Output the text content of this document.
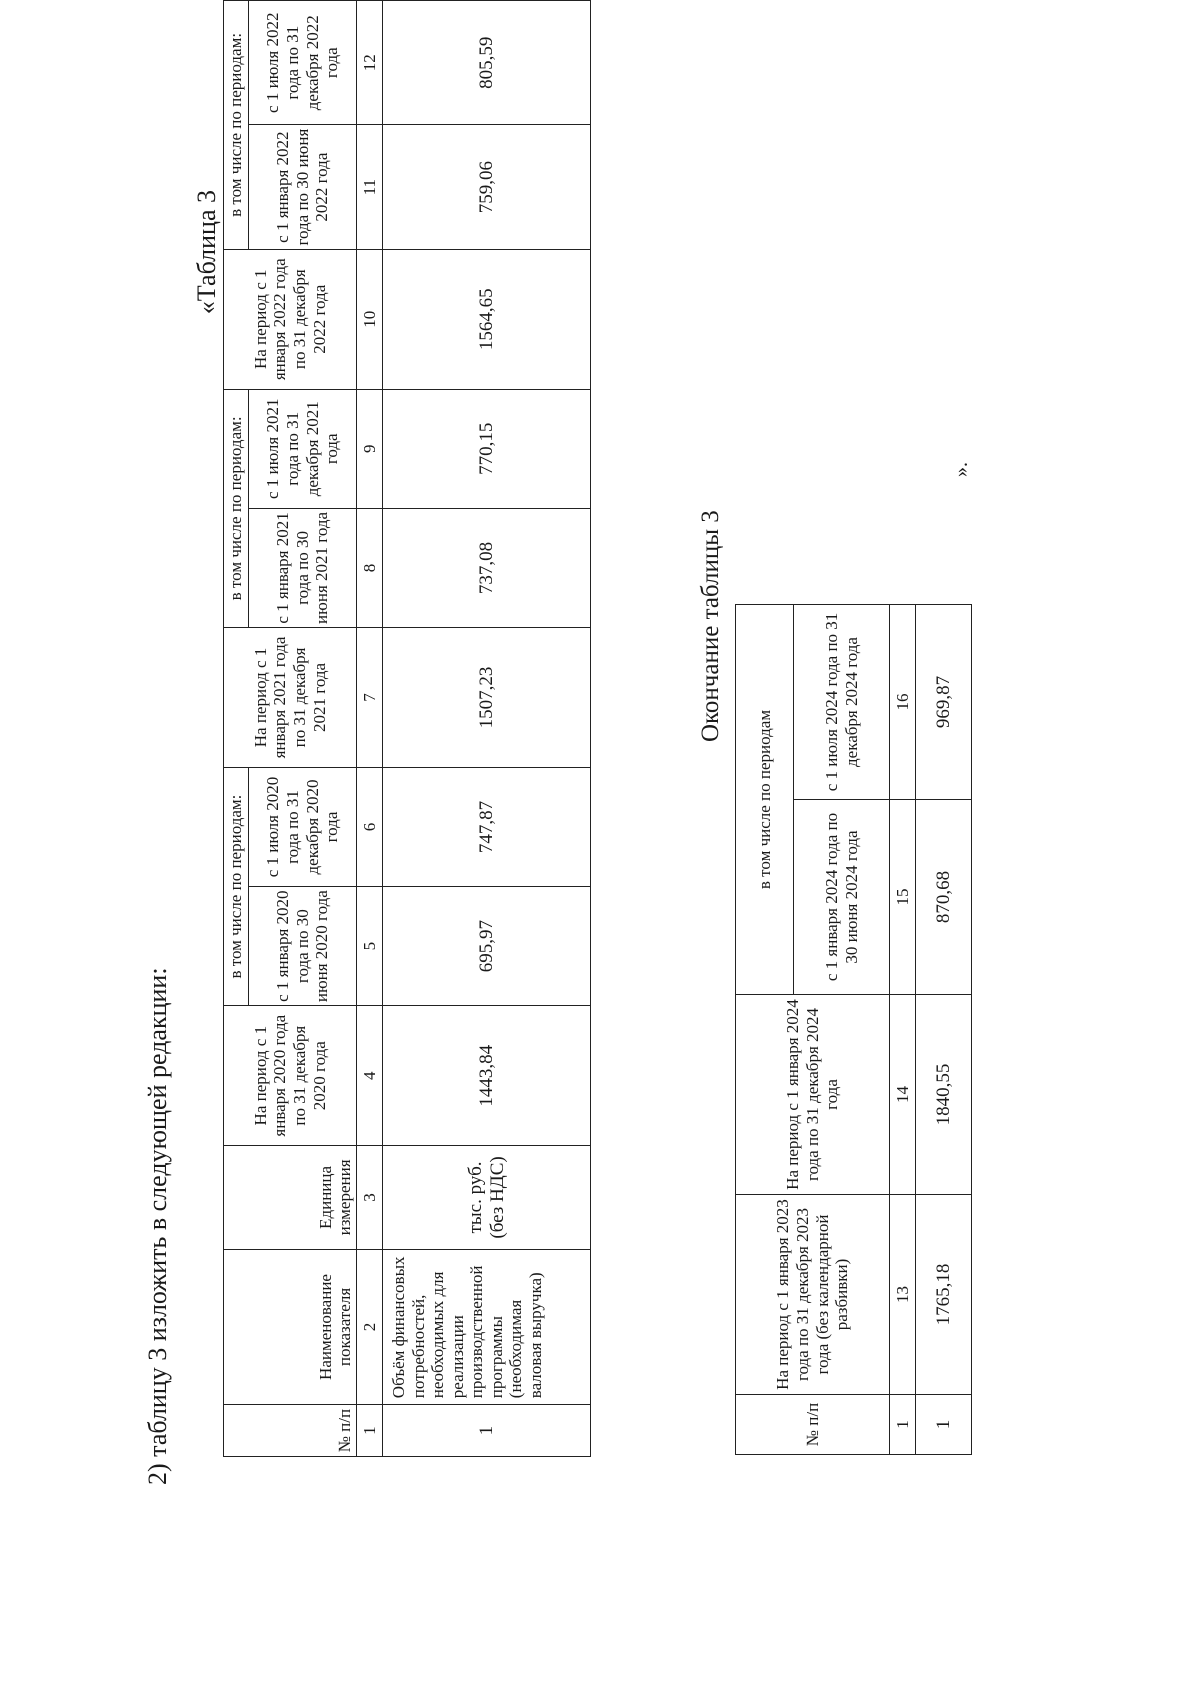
2) таблицу 3 изложить в следующей редакции:
«Таблица 3
№ п/п	Наименование показателя	Единица измерения	На период с 1 января 2020 года по 31 декабря 2020 года	в том числе по периодам:		На период с 1 января 2021 года по 31 декабря 2021 года	в том числе по периодам:		На период с 1 января 2022 года по 31 декабря 2022 года	в том числе по периодам:	
				с 1 января 2020 года по 30 июня 2020 года	с 1 июля 2020 года по 31 декабря 2020 года		с 1 января 2021 года по 30 июня 2021 года	с 1 июля 2021 года по 31 декабря 2021 года		с 1 января 2022 года по 30 июня 2022 года	с 1 июля 2022 года по 31 декабря 2022 года
1	2	3	4	5	6	7	8	9	10	11	12
1	Объём финансовых потребностей, необходимых для реализации производственной программы (необходимая валовая выручка)	тыс. руб. (без НДС)	1443,84	695,97	747,87	1507,23	737,08	770,15	1564,65	759,06	805,59
Окончание таблицы 3
№ п/п	На период с 1 января 2023 года по 31 декабря 2023 года (без календарной разбивки)	На период с 1 января 2024 года по 31 декабря 2024 года	в том числе по периодам	
			с 1 января 2024 года по 30 июня 2024 года	с 1 июля 2024 года по 31 декабря 2024 года
1	13	14	15	16
1	1765,18	1840,55	870,68	969,87
».
